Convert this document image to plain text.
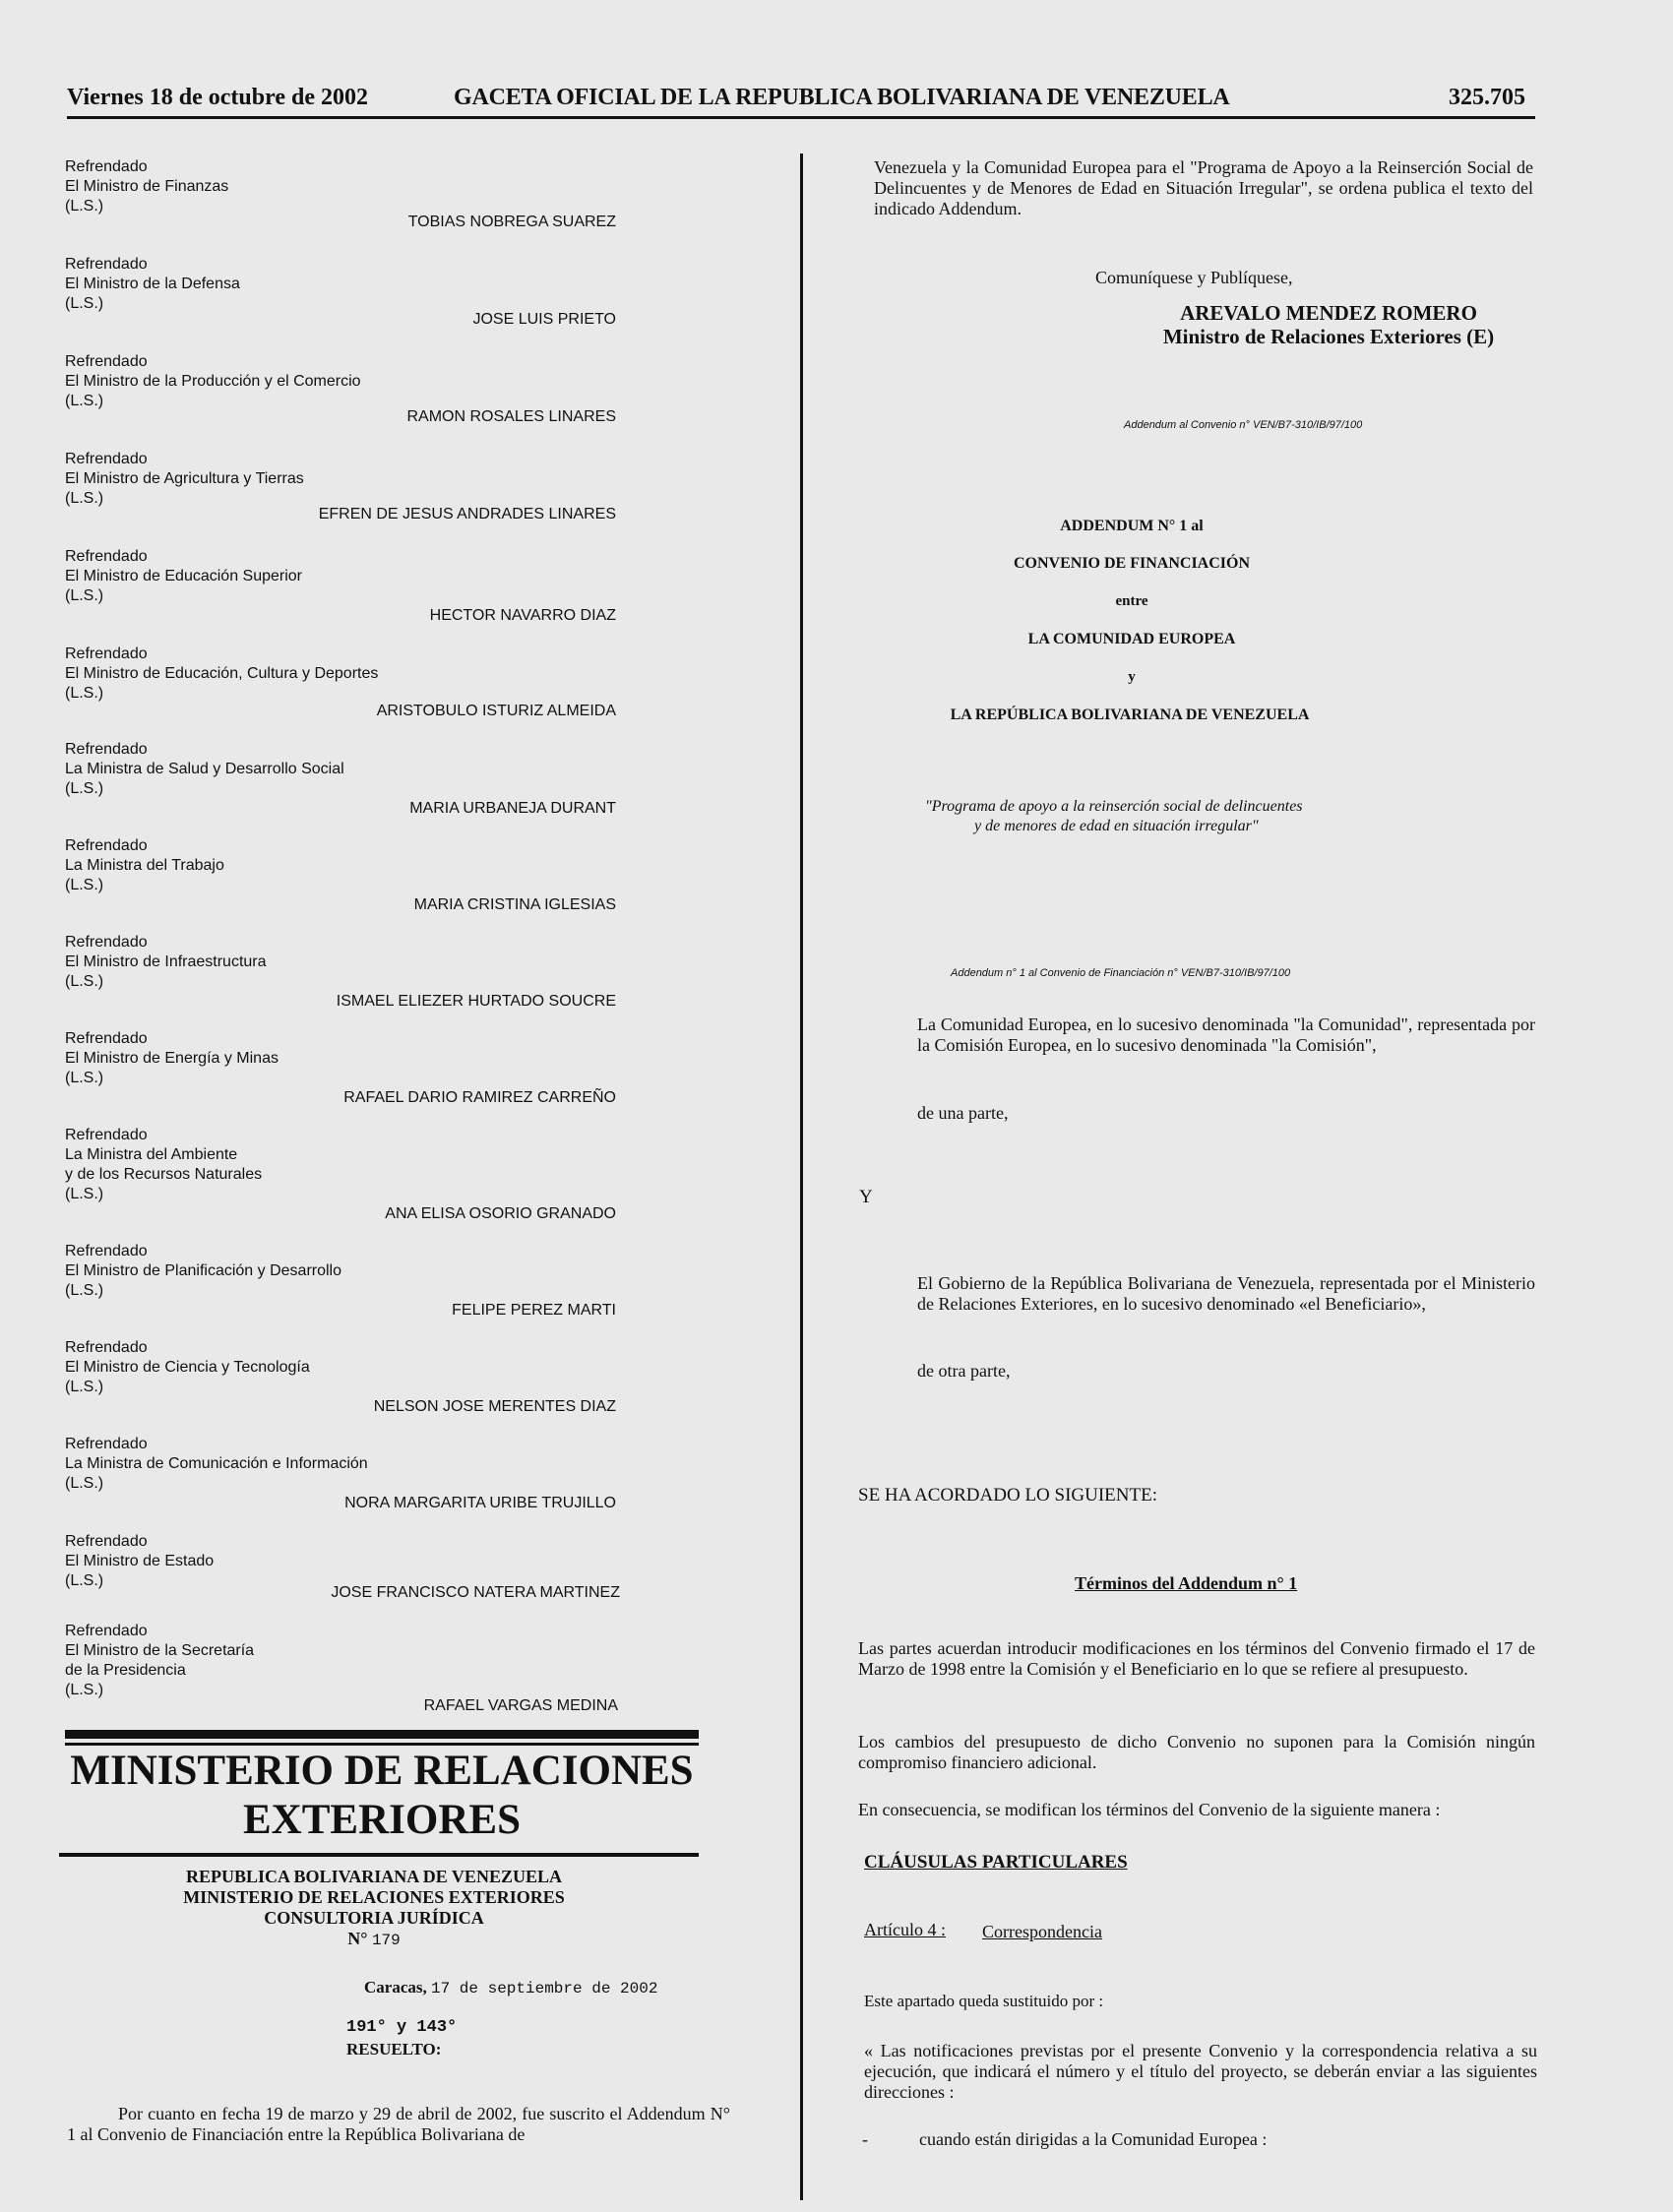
Viernes 18 de octubre de 2002	GACETA OFICIAL DE LA REPUBLICA BOLIVARIANA DE VENEZUELA	325.705
Refrendado
El Ministro de Finanzas
(L.S.)
TOBIAS NOBREGA SUAREZ
Refrendado
El Ministro de la Defensa
(L.S.)
JOSE LUIS PRIETO
Refrendado
El Ministro de la Producción y el Comercio
(L.S.)
RAMON ROSALES LINARES
Refrendado
El Ministro de Agricultura y Tierras
(L.S.)
EFREN DE JESUS ANDRADES LINARES
Refrendado
El Ministro de Educación Superior
(L.S.)
HECTOR NAVARRO DIAZ
Refrendado
El Ministro de Educación, Cultura y Deportes
(L.S.)
ARISTOBULO ISTURIZ ALMEIDA
Refrendado
La Ministra de Salud y Desarrollo Social
(L.S.)
MARIA URBANEJA DURANT
Refrendado
La Ministra del Trabajo
(L.S.)
MARIA CRISTINA IGLESIAS
Refrendado
El Ministro de Infraestructura
(L.S.)
ISMAEL ELIEZER HURTADO SOUCRE
Refrendado
El Ministro de Energía y Minas
(L.S.)
RAFAEL DARIO RAMIREZ CARREÑO
Refrendado
La Ministra del Ambiente
y de los Recursos Naturales
(L.S.)
ANA ELISA OSORIO GRANADO
Refrendado
El Ministro de Planificación y Desarrollo
(L.S.)
FELIPE PEREZ MARTI
Refrendado
El Ministro de Ciencia y Tecnología
(L.S.)
NELSON JOSE MERENTES DIAZ
Refrendado
La Ministra de Comunicación e Información
(L.S.)
NORA MARGARITA URIBE TRUJILLO
Refrendado
El Ministro de Estado
(L.S.)
JOSE FRANCISCO NATERA MARTINEZ
Refrendado
El Ministro de la Secretaría
de la Presidencia
(L.S.)
RAFAEL VARGAS MEDINA
MINISTERIO DE RELACIONES
EXTERIORES
REPUBLICA BOLIVARIANA DE VENEZUELA
MINISTERIO DE RELACIONES EXTERIORES
CONSULTORIA JURÍDICA
N° 179
Caracas, 17 de septiembre de 2002
191° y 143°
RESUELTO:
Por cuanto en fecha 19 de marzo y 29 de abril de 2002, fue suscrito el Addendum N° 1 al Convenio de Financiación entre la República Bolivariana de
Venezuela y la Comunidad Europea para el "Programa de Apoyo a la Reinserción Social de Delincuentes y de Menores de Edad en Situación Irregular", se ordena publica el texto del indicado Addendum.
Comuníquese y Publíquese,
AREVALO MENDEZ ROMERO
Ministro de Relaciones Exteriores (E)
Addendum al Convenio n° VEN/B7-310/IB/97/100
ADDENDUM N° 1 al
CONVENIO DE FINANCIACIÓN
entre
LA COMUNIDAD EUROPEA
y
LA REPÚBLICA BOLIVARIANA DE VENEZUELA
"Programa de apoyo a la reinserción social de delincuentes
y de menores de edad en situación irregular"
Addendum n° 1 al Convenio de Financiación n° VEN/B7-310/IB/97/100
La Comunidad Europea, en lo sucesivo denominada "la Comunidad", representada por la Comisión Europea, en lo sucesivo denominada "la Comisión",
de una parte,
Y
El Gobierno de la República Bolivariana de Venezuela, representada por el Ministerio de Relaciones Exteriores, en lo sucesivo denominado «el Beneficiario»,
de otra parte,
SE HA ACORDADO LO SIGUIENTE:
Términos del Addendum n° 1
Las partes acuerdan introducir modificaciones en los términos del Convenio firmado el 17 de Marzo de 1998 entre la Comisión y el Beneficiario en lo que se refiere al presupuesto.
Los cambios del presupuesto de dicho Convenio no suponen para la Comisión ningún compromiso financiero adicional.
En consecuencia, se modifican los términos del Convenio de la siguiente manera :
CLÁUSULAS PARTICULARES
Artículo 4 : Correspondencia
Este apartado queda sustituido por :
« Las notificaciones previstas por el presente Convenio y la correspondencia relativa a su ejecución, que indicará el número y el título del proyecto, se deberán enviar a las siguientes direcciones :
-	cuando están dirigidas a la Comunidad Europea :
